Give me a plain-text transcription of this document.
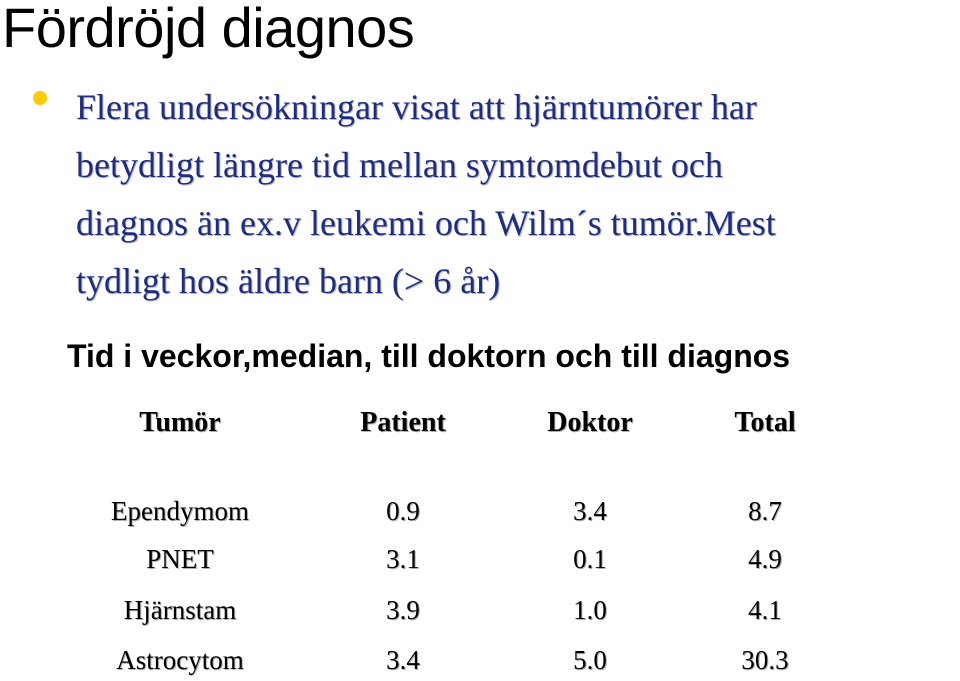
Fördröjd diagnos
Flera undersökningar visat att hjärntumörer har
betydligt längre tid mellan symtomdebut och
diagnos än ex.v leukemi och Wilm´s tumör.Mest
tydligt hos äldre barn (> 6 år)
Tid i veckor,median, till doktorn och till diagnos
Tumör	Patient	Doktor	Total
Ependymom	0.9	3.4	8.7
PNET	3.1	0.1	4.9
Hjärnstam	3.9	1.0	4.1
Astrocytom	3.4	5.0	30.3
